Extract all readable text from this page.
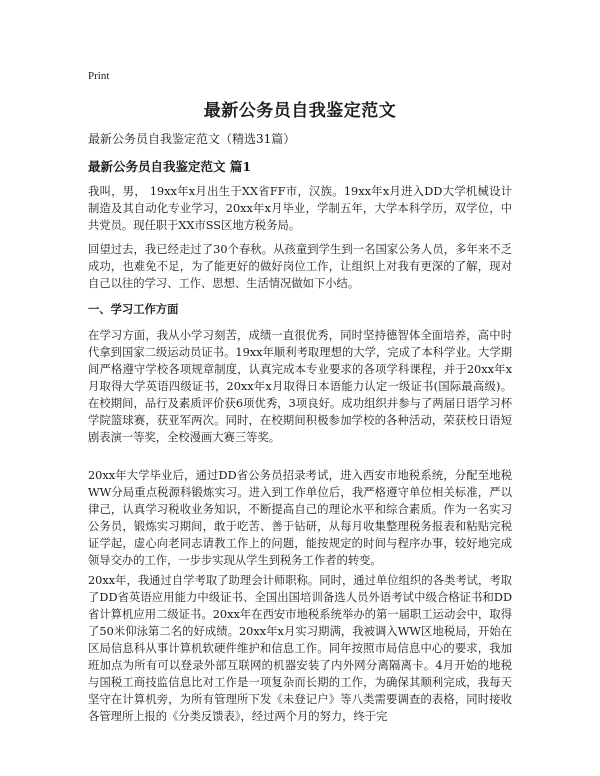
Print
最新公务员自我鉴定范文

最新公务员自我鉴定范文（精选31篇）

最新公务员自我鉴定范文 篇1

我叫，男， 19xx年x月出生于XX省FF市，汉族。19xx年x月进入DD大学机械设计制造及其自动化专业学习，20xx年x月毕业，学制五年，大学本科学历，双学位，中共党员。现任职于XX市SS区地方税务局。

回望过去，我已经走过了30个春秋。从孩童到学生到一名国家公务人员，多年来不乏成功，也难免不足，为了能更好的做好岗位工作，让组织上对我有更深的了解，现对自己以往的学习、工作、思想、生活情况做如下小结。

一、学习工作方面

在学习方面，我从小学习刻苦，成绩一直很优秀，同时坚持德智体全面培养，高中时代拿到国家二级运动员证书。19xx年顺利考取理想的大学，完成了本科学业。大学期间严格遵守学校各项规章制度，认真完成本专业要求的各项学科课程，并于20xx年x月取得大学英语四级证书，20xx年x月取得日本语能力认定一级证书(国际最高级)。在校期间，品行及素质评价获6项优秀，3项良好。成功组织并参与了两届日语学习杯学院篮球赛，获亚军两次。同时，在校期间积极参加学校的各种活动，荣获校日语短剧表演一等奖，全校漫画大赛三等奖。

20xx年大学毕业后，通过DD省公务员招录考试，进入西安市地税系统，分配至地税WW分局重点税源科锻炼实习。进入到工作单位后，我严格遵守单位相关标准，严以律己，认真学习税收业务知识，不断提高自己的理论水平和综合素质。作为一名实习公务员，锻炼实习期间，敢于吃苦、善于钻研，从每月收集整理税务报表和粘贴完税证学起，虚心向老同志请教工作上的问题，能按规定的时间与程序办事，较好地完成领导交办的工作，一步步实现从学生到税务工作者的转变。

20xx年，我通过自学考取了助理会计师职称。同时，通过单位组织的各类考试，考取了DD省英语应用能力中级证书、全国出国培训备选人员外语考试中级合格证书和DD省计算机应用二级证书。20xx年在西安市地税系统举办的第一届职工运动会中，取得了50米仰泳第二名的好成绩。20xx年x月实习期满，我被调入WW区地税局，开始在区局信息科从事计算机软硬件维护和信息工作。同年按照市局信息中心的要求，我加班加点为所有可以登录外部互联网的机器安装了内外网分离隔离卡。4月开始的地税与国税工商技监信息比对工作是一项复杂而长期的工作，为确保其顺利完成，我每天坚守在计算机旁，为所有管理所下发《未登记户》等八类需要调查的表格，同时接收各管理所上报的《分类反馈表》，经过两个月的努力，终于完
